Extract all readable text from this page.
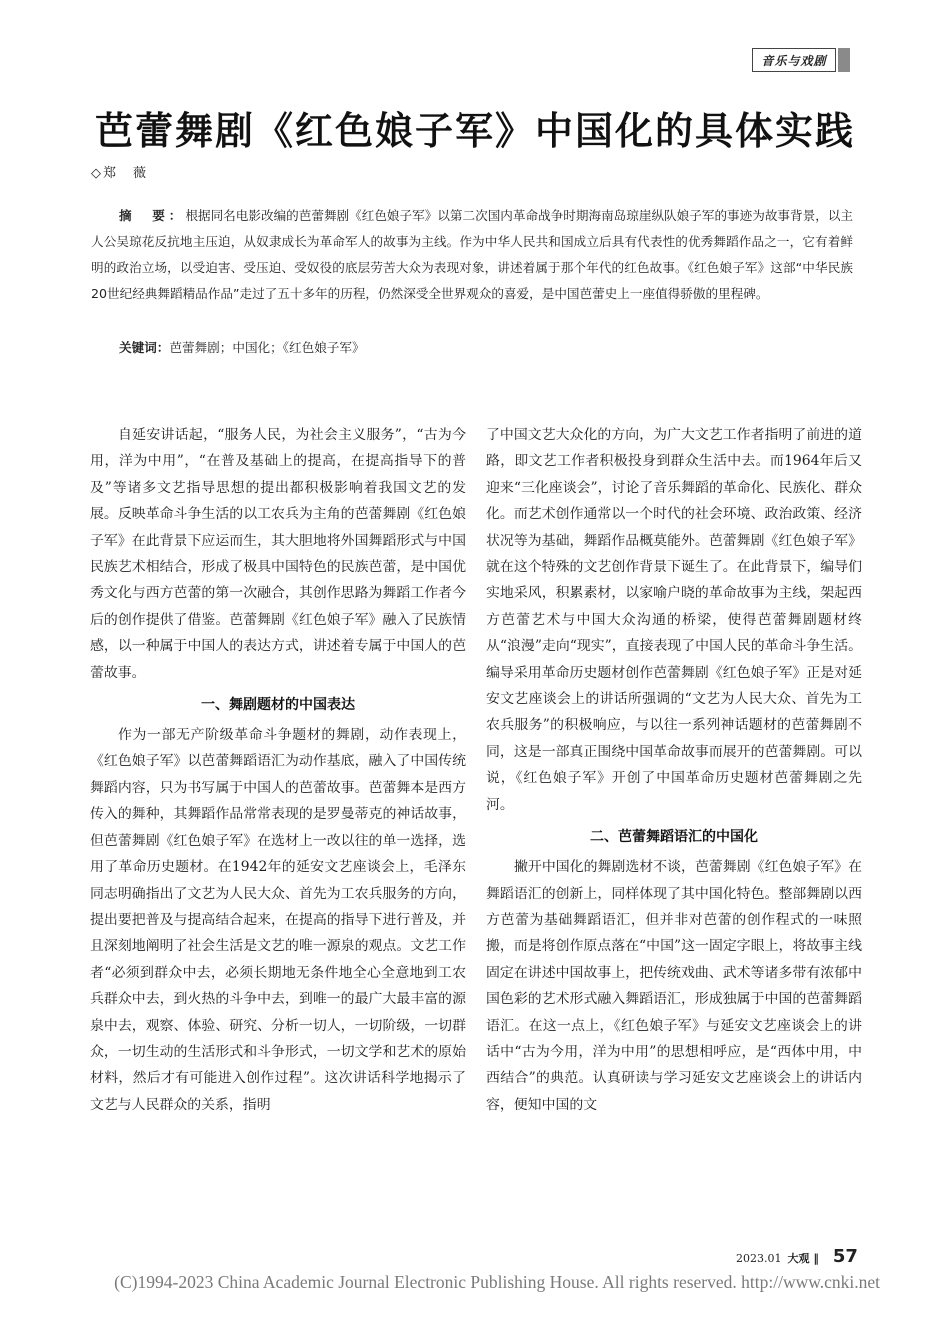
音乐与戏剧
芭蕾舞剧《红色娘子军》中国化的具体实践
◇郑　薇

摘　要：根据同名电影改编的芭蕾舞剧《红色娘子军》以第二次国内革命战争时期海南岛琼崖纵队娘子军的事迹为故事背景，以主人公吴琼花反抗地主压迫，从奴隶成长为革命军人的故事为主线。作为中华人民共和国成立后具有代表性的优秀舞蹈作品之一，它有着鲜明的政治立场，以受迫害、受压迫、受奴役的底层劳苦大众为表现对象，讲述着属于那个年代的红色故事。《红色娘子军》这部“中华民族20世纪经典舞蹈精品作品”走过了五十多年的历程，仍然深受全世界观众的喜爱，是中国芭蕾史上一座值得骄傲的里程碑。

关键词：芭蕾舞剧；中国化；《红色娘子军》

自延安讲话起，“服务人民，为社会主义服务”，“古为今用，洋为中用”，“在普及基础上的提高，在提高指导下的普及”等诸多文艺指导思想的提出都积极影响着我国文艺的发展。反映革命斗争生活的以工农兵为主角的芭蕾舞剧《红色娘子军》在此背景下应运而生，其大胆地将外国舞蹈形式与中国民族艺术相结合，形成了极具中国特色的民族芭蕾，是中国优秀文化与西方芭蕾的第一次融合，其创作思路为舞蹈工作者今后的创作提供了借鉴。芭蕾舞剧《红色娘子军》融入了民族情感，以一种属于中国人的表达方式，讲述着专属于中国人的芭蕾故事。

一、舞剧题材的中国表达

作为一部无产阶级革命斗争题材的舞剧，动作表现上，《红色娘子军》以芭蕾舞蹈语汇为动作基底，融入了中国传统舞蹈内容，只为书写属于中国人的芭蕾故事。芭蕾舞本是西方传入的舞种，其舞蹈作品常常表现的是罗曼蒂克的神话故事，但芭蕾舞剧《红色娘子军》在选材上一改以往的单一选择，选用了革命历史题材。在1942年的延安文艺座谈会上，毛泽东同志明确指出了文艺为人民大众、首先为工农兵服务的方向，提出要把普及与提高结合起来，在提高的指导下进行普及，并且深刻地阐明了社会生活是文艺的唯一源泉的观点。文艺工作者“必须到群众中去，必须长期地无条件地全心全意地到工农兵群众中去，到火热的斗争中去，到唯一的最广大最丰富的源泉中去，观察、体验、研究、分析一切人，一切阶级，一切群众，一切生动的生活形式和斗争形式，一切文学和艺术的原始材料，然后才有可能进入创作过程”。这次讲话科学地揭示了文艺与人民群众的关系，指明

了中国文艺大众化的方向，为广大文艺工作者指明了前进的道路，即文艺工作者积极投身到群众生活中去。而1964年后又迎来“三化座谈会”，讨论了音乐舞蹈的革命化、民族化、群众化。而艺术创作通常以一个时代的社会环境、政治政策、经济状况等为基础，舞蹈作品概莫能外。芭蕾舞剧《红色娘子军》就在这个特殊的文艺创作背景下诞生了。在此背景下，编导们实地采风，积累素材，以家喻户晓的革命故事为主线，架起西方芭蕾艺术与中国大众沟通的桥梁，使得芭蕾舞剧题材终从“浪漫”走向“现实”，直接表现了中国人民的革命斗争生活。编导采用革命历史题材创作芭蕾舞剧《红色娘子军》正是对延安文艺座谈会上的讲话所强调的“文艺为人民大众、首先为工农兵服务”的积极响应，与以往一系列神话题材的芭蕾舞剧不同，这是一部真正围绕中国革命故事而展开的芭蕾舞剧。可以说，《红色娘子军》开创了中国革命历史题材芭蕾舞剧之先河。

二、芭蕾舞蹈语汇的中国化

撇开中国化的舞剧选材不谈，芭蕾舞剧《红色娘子军》在舞蹈语汇的创新上，同样体现了其中国化特色。整部舞剧以西方芭蕾为基础舞蹈语汇，但并非对芭蕾的创作程式的一味照搬，而是将创作原点落在“中国”这一固定字眼上，将故事主线固定在讲述中国故事上，把传统戏曲、武术等诸多带有浓郁中国色彩的艺术形式融入舞蹈语汇，形成独属于中国的芭蕾舞蹈语汇。在这一点上，《红色娘子军》与延安文艺座谈会上的讲话中“古为今用，洋为中用”的思想相呼应，是“西体中用，中西结合”的典范。认真研读与学习延安文艺座谈会上的讲话内容，便知中国的文

2023.01 大观 ‖ 57
(C)1994-2023 China Academic Journal Electronic Publishing House. All rights reserved. http://www.cnki.net
